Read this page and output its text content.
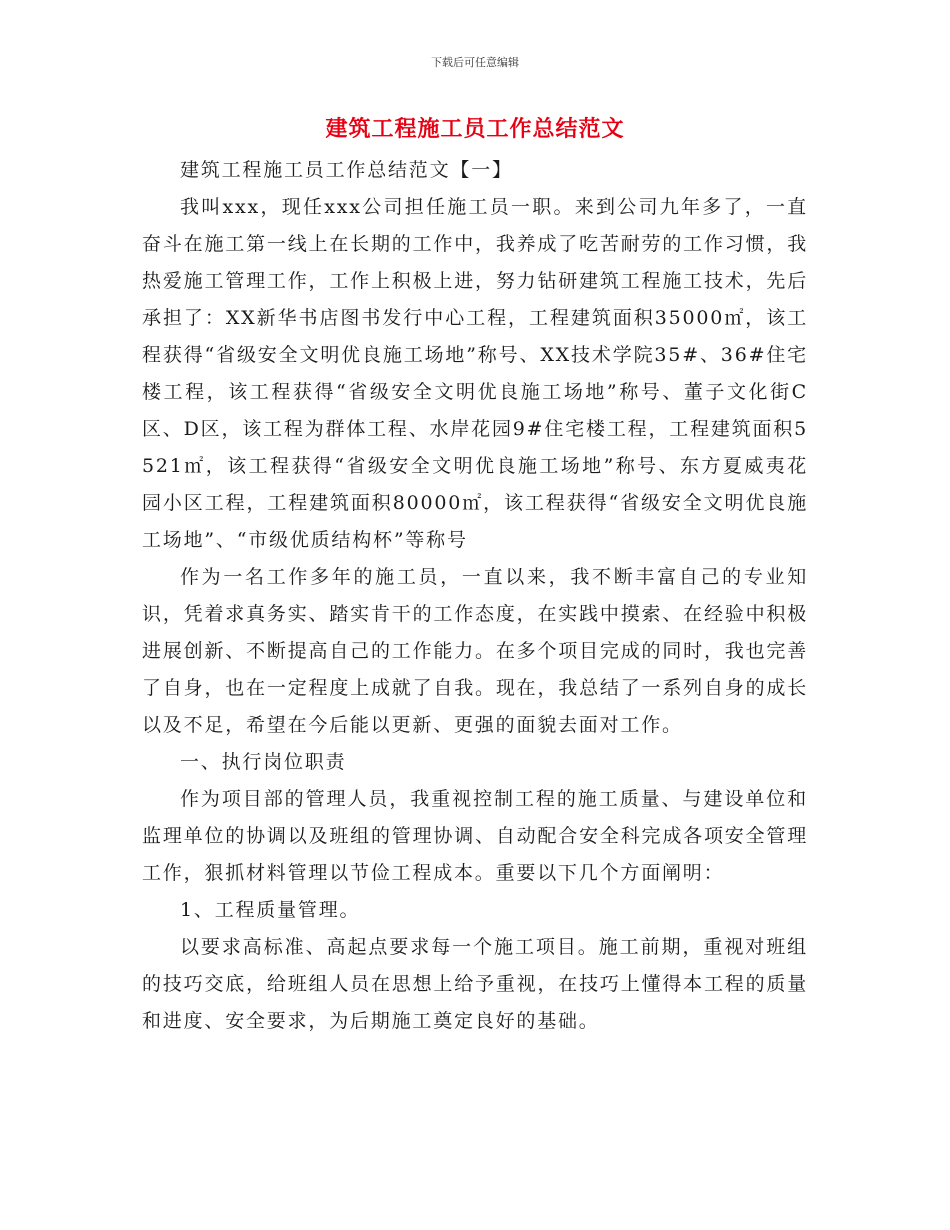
下载后可任意编辑
建筑工程施工员工作总结范文

建筑工程施工员工作总结范文【一】

我叫xxx，现任xxx公司担任施工员一职。来到公司九年多了，一直奋斗在施工第一线上在长期的工作中，我养成了吃苦耐劳的工作习惯，我热爱施工管理工作，工作上积极上进，努力钻研建筑工程施工技术，先后承担了：XX新华书店图书发行中心工程，工程建筑面积35000㎡，该工程获得“省级安全文明优良施工场地”称号、XX技术学院35#、36#住宅楼工程，该工程获得“省级安全文明优良施工场地”称号、董子文化街C区、D区，该工程为群体工程、水岸花园9#住宅楼工程，工程建筑面积5521㎡，该工程获得“省级安全文明优良施工场地”称号、东方夏威夷花园小区工程，工程建筑面积80000㎡，该工程获得“省级安全文明优良施工场地”、“市级优质结构杯”等称号

作为一名工作多年的施工员，一直以来，我不断丰富自己的专业知识，凭着求真务实、踏实肯干的工作态度，在实践中摸索、在经验中积极进展创新、不断提高自己的工作能力。在多个项目完成的同时，我也完善了自身，也在一定程度上成就了自我。现在，我总结了一系列自身的成长以及不足，希望在今后能以更新、更强的面貌去面对工作。

一、执行岗位职责

作为项目部的管理人员，我重视控制工程的施工质量、与建设单位和监理单位的协调以及班组的管理协调、自动配合安全科完成各项安全管理工作，狠抓材料管理以节俭工程成本。重要以下几个方面阐明：

1、工程质量管理。

以要求高标准、高起点要求每一个施工项目。施工前期，重视对班组的技巧交底，给班组人员在思想上给予重视，在技巧上懂得本工程的质量和进度、安全要求，为后期施工奠定良好的基础。
